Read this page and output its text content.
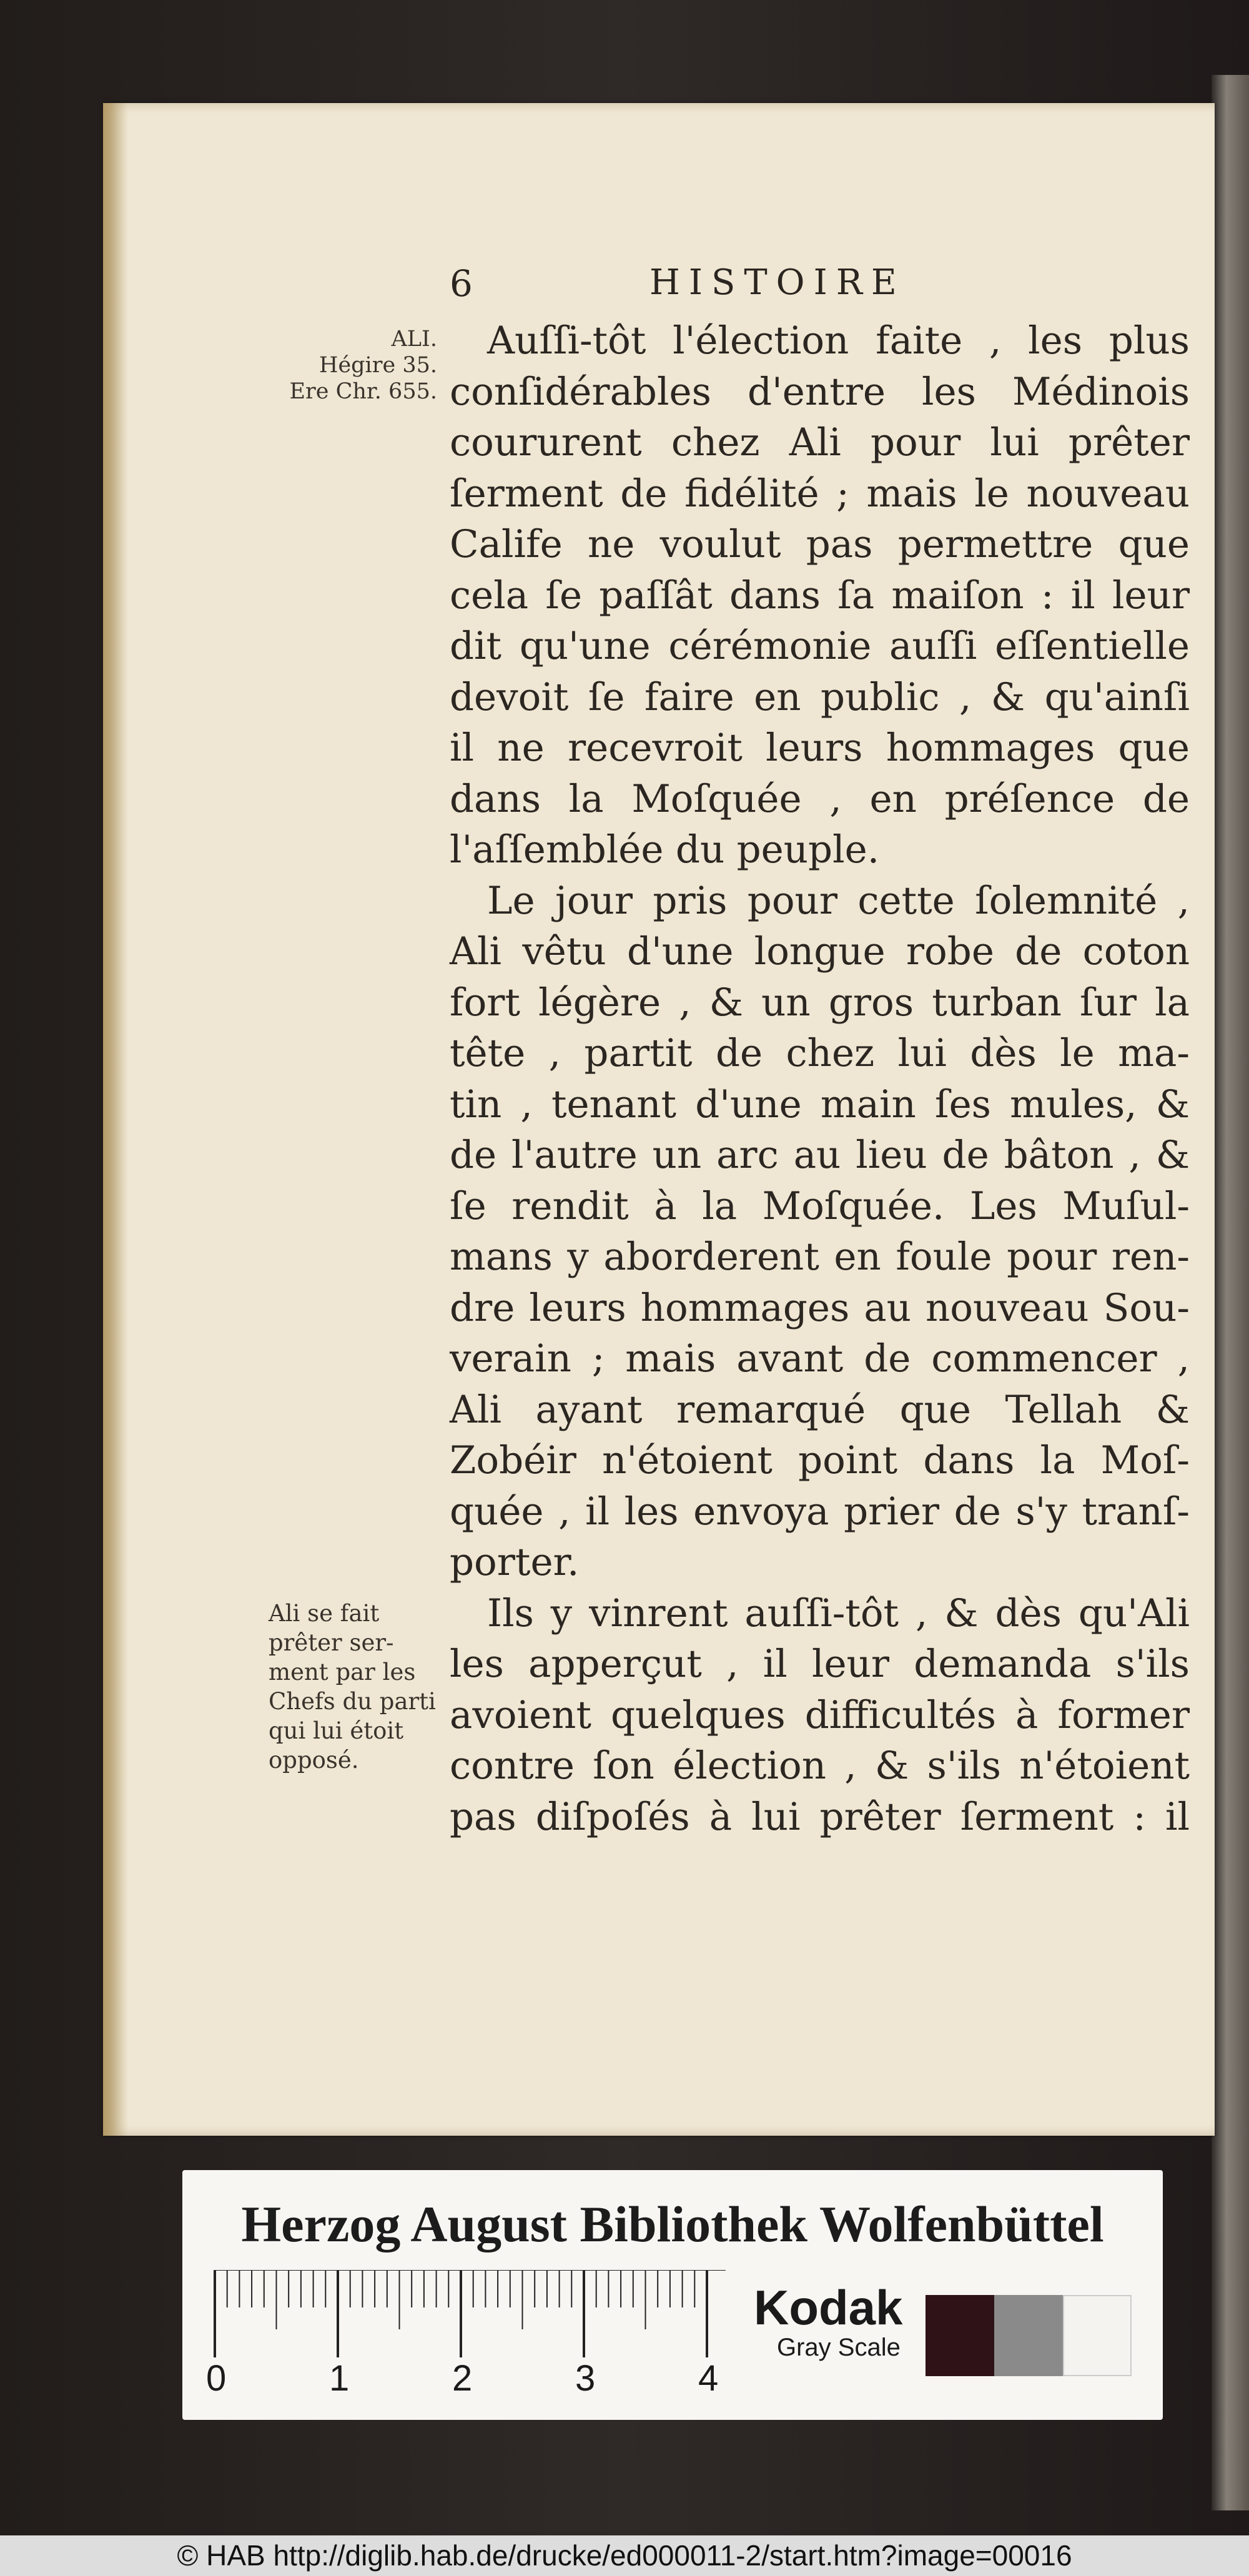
6	HISTOIRE
ALI.
Hégire 35.
Ere Chr. 655.
Ali se fait
prêter ser-
ment par les
Chefs du parti
qui lui étoit
opposé.
Auſſi-tôt l'élection faite , les plus
conſidérables d'entre les Médinois
coururent chez Ali pour lui prêter
ſerment de fidélité ; mais le nouveau
Calife ne voulut pas permettre que
cela ſe paſſât dans ſa maiſon : il leur
dit qu'une cérémonie auſſi eſſentielle
devoit ſe faire en public , & qu'ainſi
il ne recevroit leurs hommages que
dans la Moſquée , en préſence de
l'aſſemblée du peuple.
Le jour pris pour cette ſolemnité ,
Ali vêtu d'une longue robe de coton
fort légère , & un gros turban ſur la
tête , partit de chez lui dès le ma-
tin , tenant d'une main ſes mules, &
de l'autre un arc au lieu de bâton , &
ſe rendit à la Moſquée. Les Muſul-
mans y aborderent en foule pour ren-
dre leurs hommages au nouveau Sou-
verain ; mais avant de commencer ,
Ali ayant remarqué que Tellah &
Zobéir n'étoient point dans la Moſ-
quée , il les envoya prier de s'y tranſ-
porter.
Ils y vinrent auſſi-tôt , & dès qu'Ali
les apperçut , il leur demanda s'ils
avoient quelques difficultés à former
contre ſon élection , & s'ils n'étoient
pas diſpoſés à lui prêter ſerment : il
Herzog August Bibliothek Wolfenbüttel
0	1	2	3	4
Kodak
Gray Scale
© HAB http://diglib.hab.de/drucke/ed000011-2/start.htm?image=00016
